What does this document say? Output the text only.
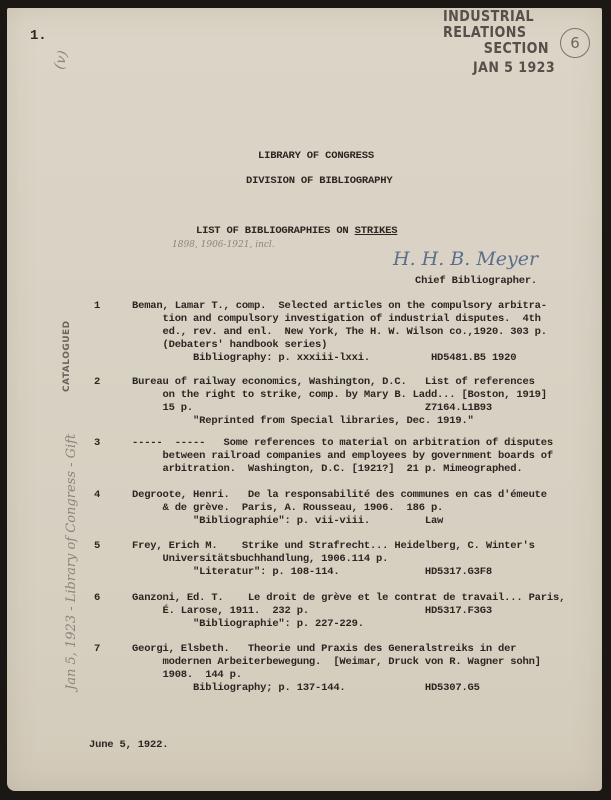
INDUSTRIAL RELATIONS
SECTION
JAN 5 1923
6
1.
(v)
CATALOGUED
Jan 5, 1923 - Library of Congress - Gift
LIBRARY OF CONGRESS
DIVISION OF BIBLIOGRAPHY
LIST OF BIBLIOGRAPHIES ON STRIKES
1898, 1906-1921, incl.
H. H. B. Meyer
Chief Bibliographer.
1	Beman, Lamar T., comp.  Selected articles on the compulsory arbitra-
tion and compulsory investigation of industrial disputes.  4th
ed., rev. and enl.  New York, The H. W. Wilson co.,1920. 303 p.
(Debaters' handbook series)
Bibliography: p. xxxiii-lxxi.          HD5481.B5 1920
2	Bureau of railway economics, Washington, D.C.   List of references
on the right to strike, comp. by Mary B. Ladd... [Boston, 1919]
15 p.                                      Z7164.L1B93
"Reprinted from Special libraries, Dec. 1919."
3	-----  -----   Some references to material on arbitration of disputes
between railroad companies and employees by government boards of
arbitration.  Washington, D.C. [1921?]  21 p. Mimeographed.
4	Degroote, Henri.   De la responsabilité des communes en cas d'émeute
& de grève.  Paris, A. Rousseau, 1906.  186 p.
"Bibliographie": p. vii-viii.         Law
5	Frey, Erich M.    Strike und Strafrecht... Heidelberg, C. Winter's
Universitätsbuchhandlung, 1906.114 p.
"Literatur": p. 108-114.              HD5317.G3F8
6	Ganzoni, Ed. T.    Le droit de grève et le contrat de travail... Paris,
É. Larose, 1911.  232 p.                   HD5317.F3G3
"Bibliographie": p. 227-229.
7	Georgi, Elsbeth.   Theorie und Praxis des Generalstreiks in der
modernen Arbeiterbewegung.  [Weimar, Druck von R. Wagner sohn]
1908.  144 p.
Bibliography; p. 137-144.             HD5307.G5
June 5, 1922.
